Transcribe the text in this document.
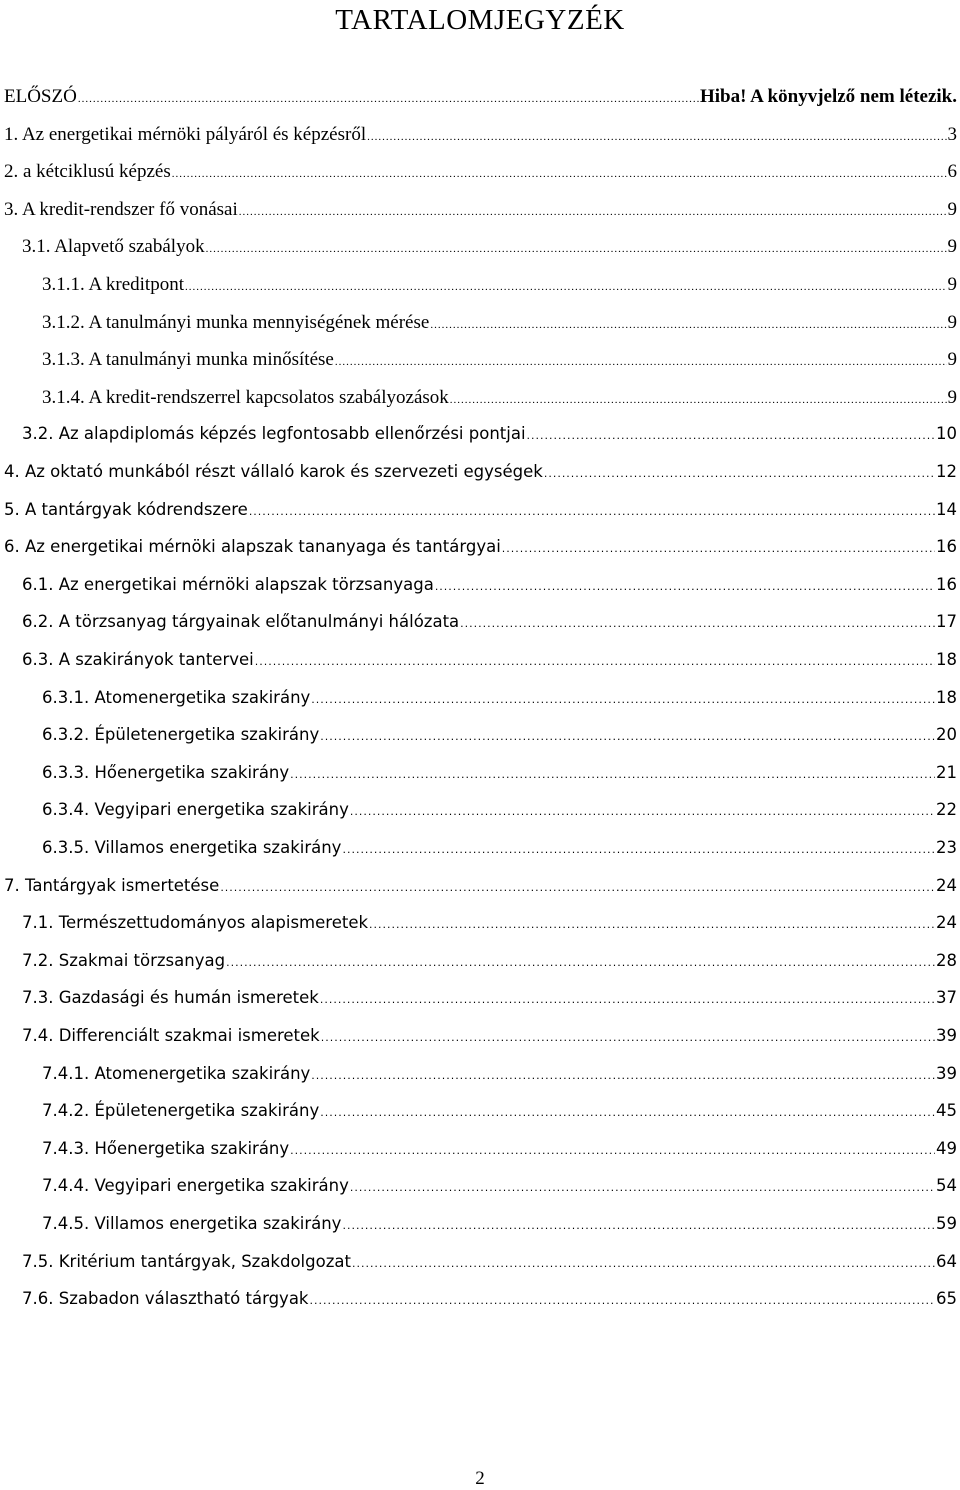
TARTALOMJEGYZÉK
ELŐSZÓ .....	Hiba! A könyvjelző nem létezik.
1. Az energetikai mérnöki pályáról és képzésről .....	3
2. a kétciklusú képzés .....	6
3. A kredit-rendszer fő vonásai .....	9
3.1. Alapvető szabályok .....	9
3.1.1. A kreditpont .....	9
3.1.2. A tanulmányi munka mennyiségének mérése .....	9
3.1.3. A tanulmányi munka minősítése .....	9
3.1.4. A kredit-rendszerrel kapcsolatos szabályozások .....	9
3.2. Az alapdiplomás képzés legfontosabb ellenőrzési pontjai .....	10
4. Az oktató munkából részt vállaló karok és szervezeti egységek .....	12
5. A tantárgyak kódrendszere .....	14
6. Az energetikai mérnöki alapszak tananyaga és tantárgyai .....	16
6.1. Az energetikai mérnöki alapszak törzsanyaga .....	16
6.2. A törzsanyag tárgyainak előtanulmányi hálózata .....	17
6.3. A szakirányok tantervei .....	18
6.3.1. Atomenergetika szakirány .....	18
6.3.2. Épületenergetika szakirány .....	20
6.3.3. Hőenergetika szakirány .....	21
6.3.4. Vegyipari energetika szakirány .....	22
6.3.5. Villamos energetika szakirány .....	23
7. Tantárgyak ismertetése .....	24
7.1. Természettudományos alapismeretek .....	24
7.2. Szakmai törzsanyag .....	28
7.3. Gazdasági és humán ismeretek .....	37
7.4. Differenciált szakmai ismeretek .....	39
7.4.1. Atomenergetika szakirány .....	39
7.4.2. Épületenergetika szakirány .....	45
7.4.3. Hőenergetika szakirány .....	49
7.4.4. Vegyipari energetika szakirány .....	54
7.4.5. Villamos energetika szakirány .....	59
7.5. Kritérium tantárgyak, Szakdolgozat .....	64
7.6. Szabadon választható tárgyak .....	65
2
